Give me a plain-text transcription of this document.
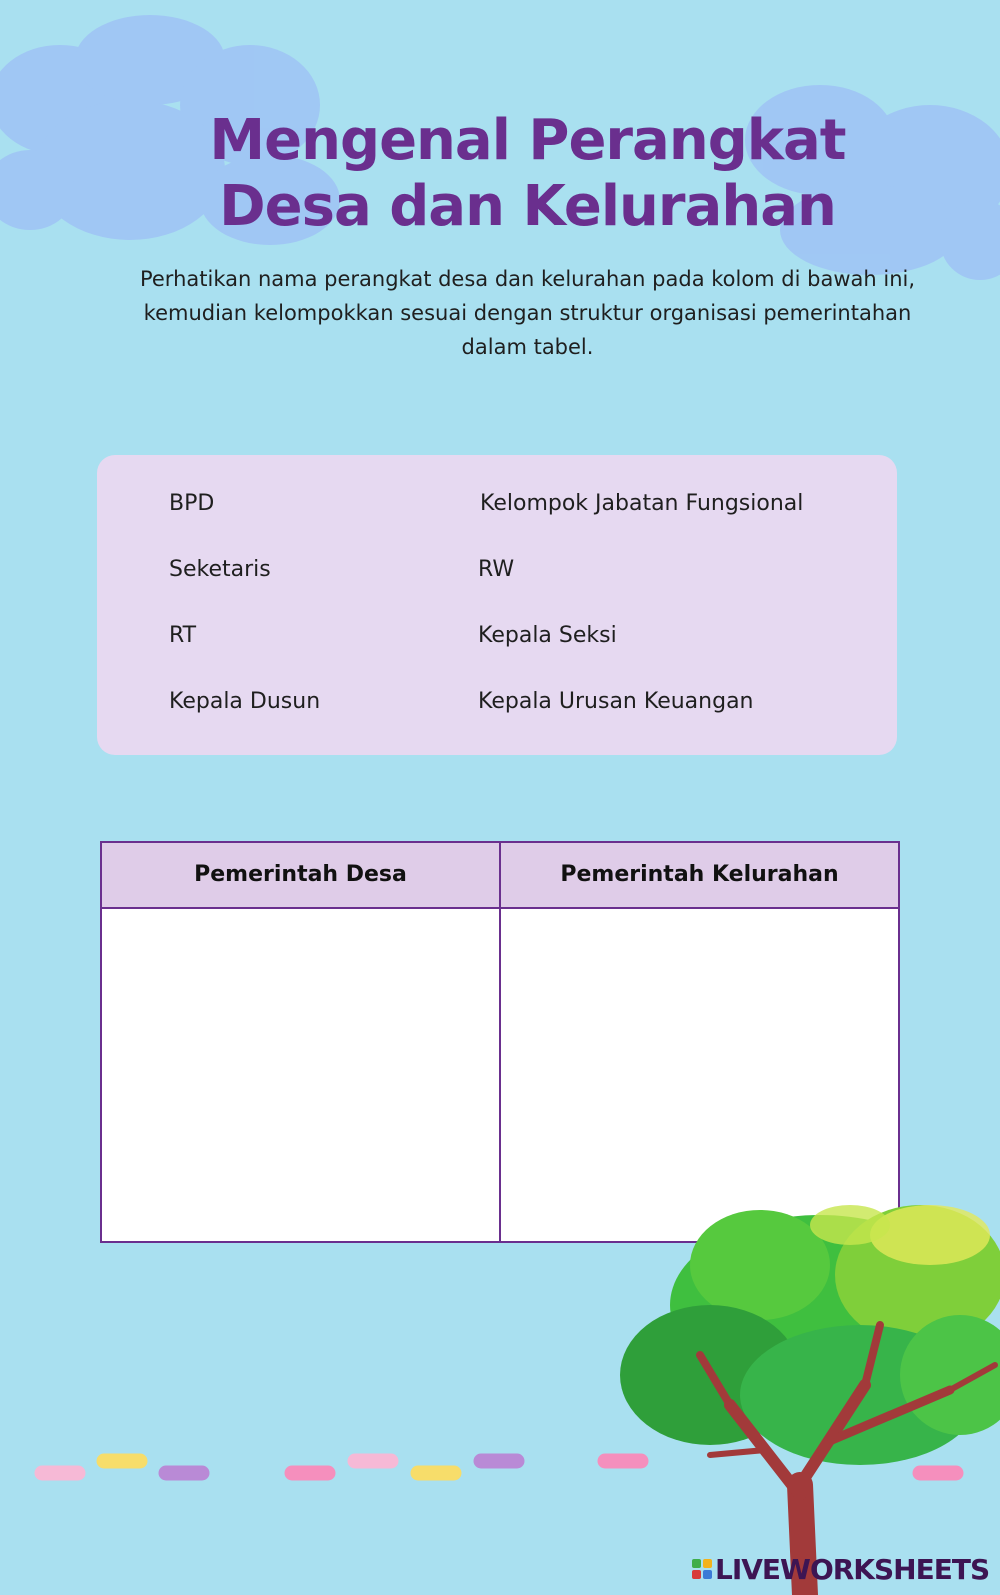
Mengenal Perangkat
Desa dan Kelurahan

Perhatikan nama perangkat desa dan kelurahan pada kolom di bawah ini, kemudian kelompokkan sesuai dengan struktur organisasi pemerintahan dalam tabel.

BPD
Seketaris
RT
Kepala Dusun
Kelompok Jabatan Fungsional
RW
Kepala Seksi
Kepala Urusan Keuangan
Pemerintah Desa	Pemerintah Kelurahan
LIVEWORKSHEETS
